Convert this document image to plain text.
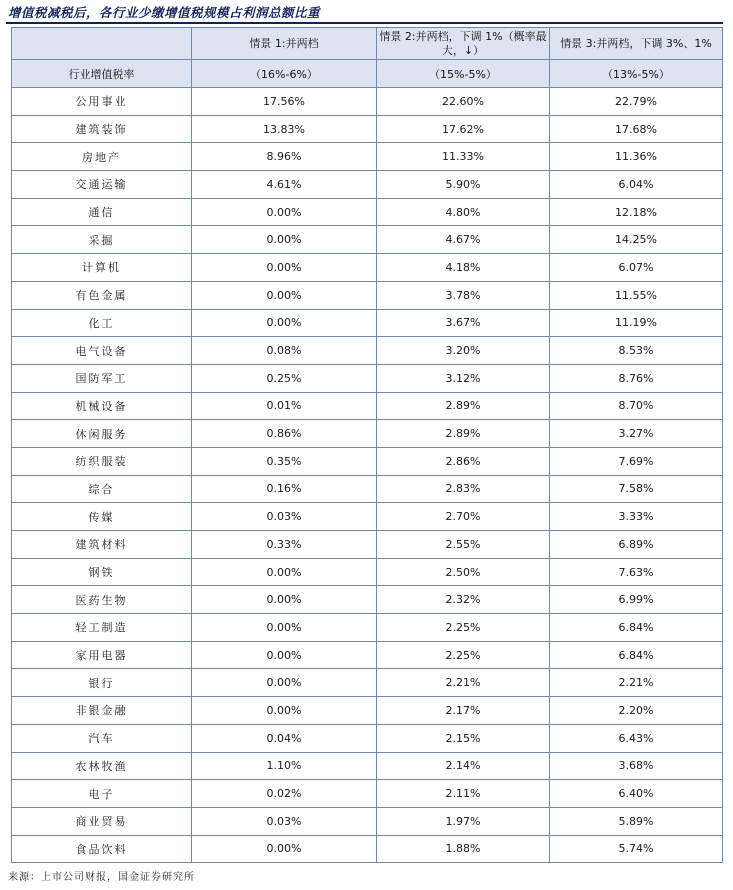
增值税减税后，各行业少缴增值税规模占利润总额比重
	情景 1:并两档	情景 2:并两档，下调 1%（概率最大，↓）	情景 3:并两档，下调 3%、1%
行业增值税率	（16%-6%）	（15%-5%）	（13%-5%）
公用事业	17.56%	22.60%	22.79%
建筑装饰	13.83%	17.62%	17.68%
房地产	8.96%	11.33%	11.36%
交通运输	4.61%	5.90%	6.04%
通信	0.00%	4.80%	12.18%
采掘	0.00%	4.67%	14.25%
计算机	0.00%	4.18%	6.07%
有色金属	0.00%	3.78%	11.55%
化工	0.00%	3.67%	11.19%
电气设备	0.08%	3.20%	8.53%
国防军工	0.25%	3.12%	8.76%
机械设备	0.01%	2.89%	8.70%
休闲服务	0.86%	2.89%	3.27%
纺织服装	0.35%	2.86%	7.69%
综合	0.16%	2.83%	7.58%
传媒	0.03%	2.70%	3.33%
建筑材料	0.33%	2.55%	6.89%
钢铁	0.00%	2.50%	7.63%
医药生物	0.00%	2.32%	6.99%
轻工制造	0.00%	2.25%	6.84%
家用电器	0.00%	2.25%	6.84%
银行	0.00%	2.21%	2.21%
非银金融	0.00%	2.17%	2.20%
汽车	0.04%	2.15%	6.43%
农林牧渔	1.10%	2.14%	3.68%
电子	0.02%	2.11%	6.40%
商业贸易	0.03%	1.97%	5.89%
食品饮料	0.00%	1.88%	5.74%
来源：上市公司财报，国金证券研究所
